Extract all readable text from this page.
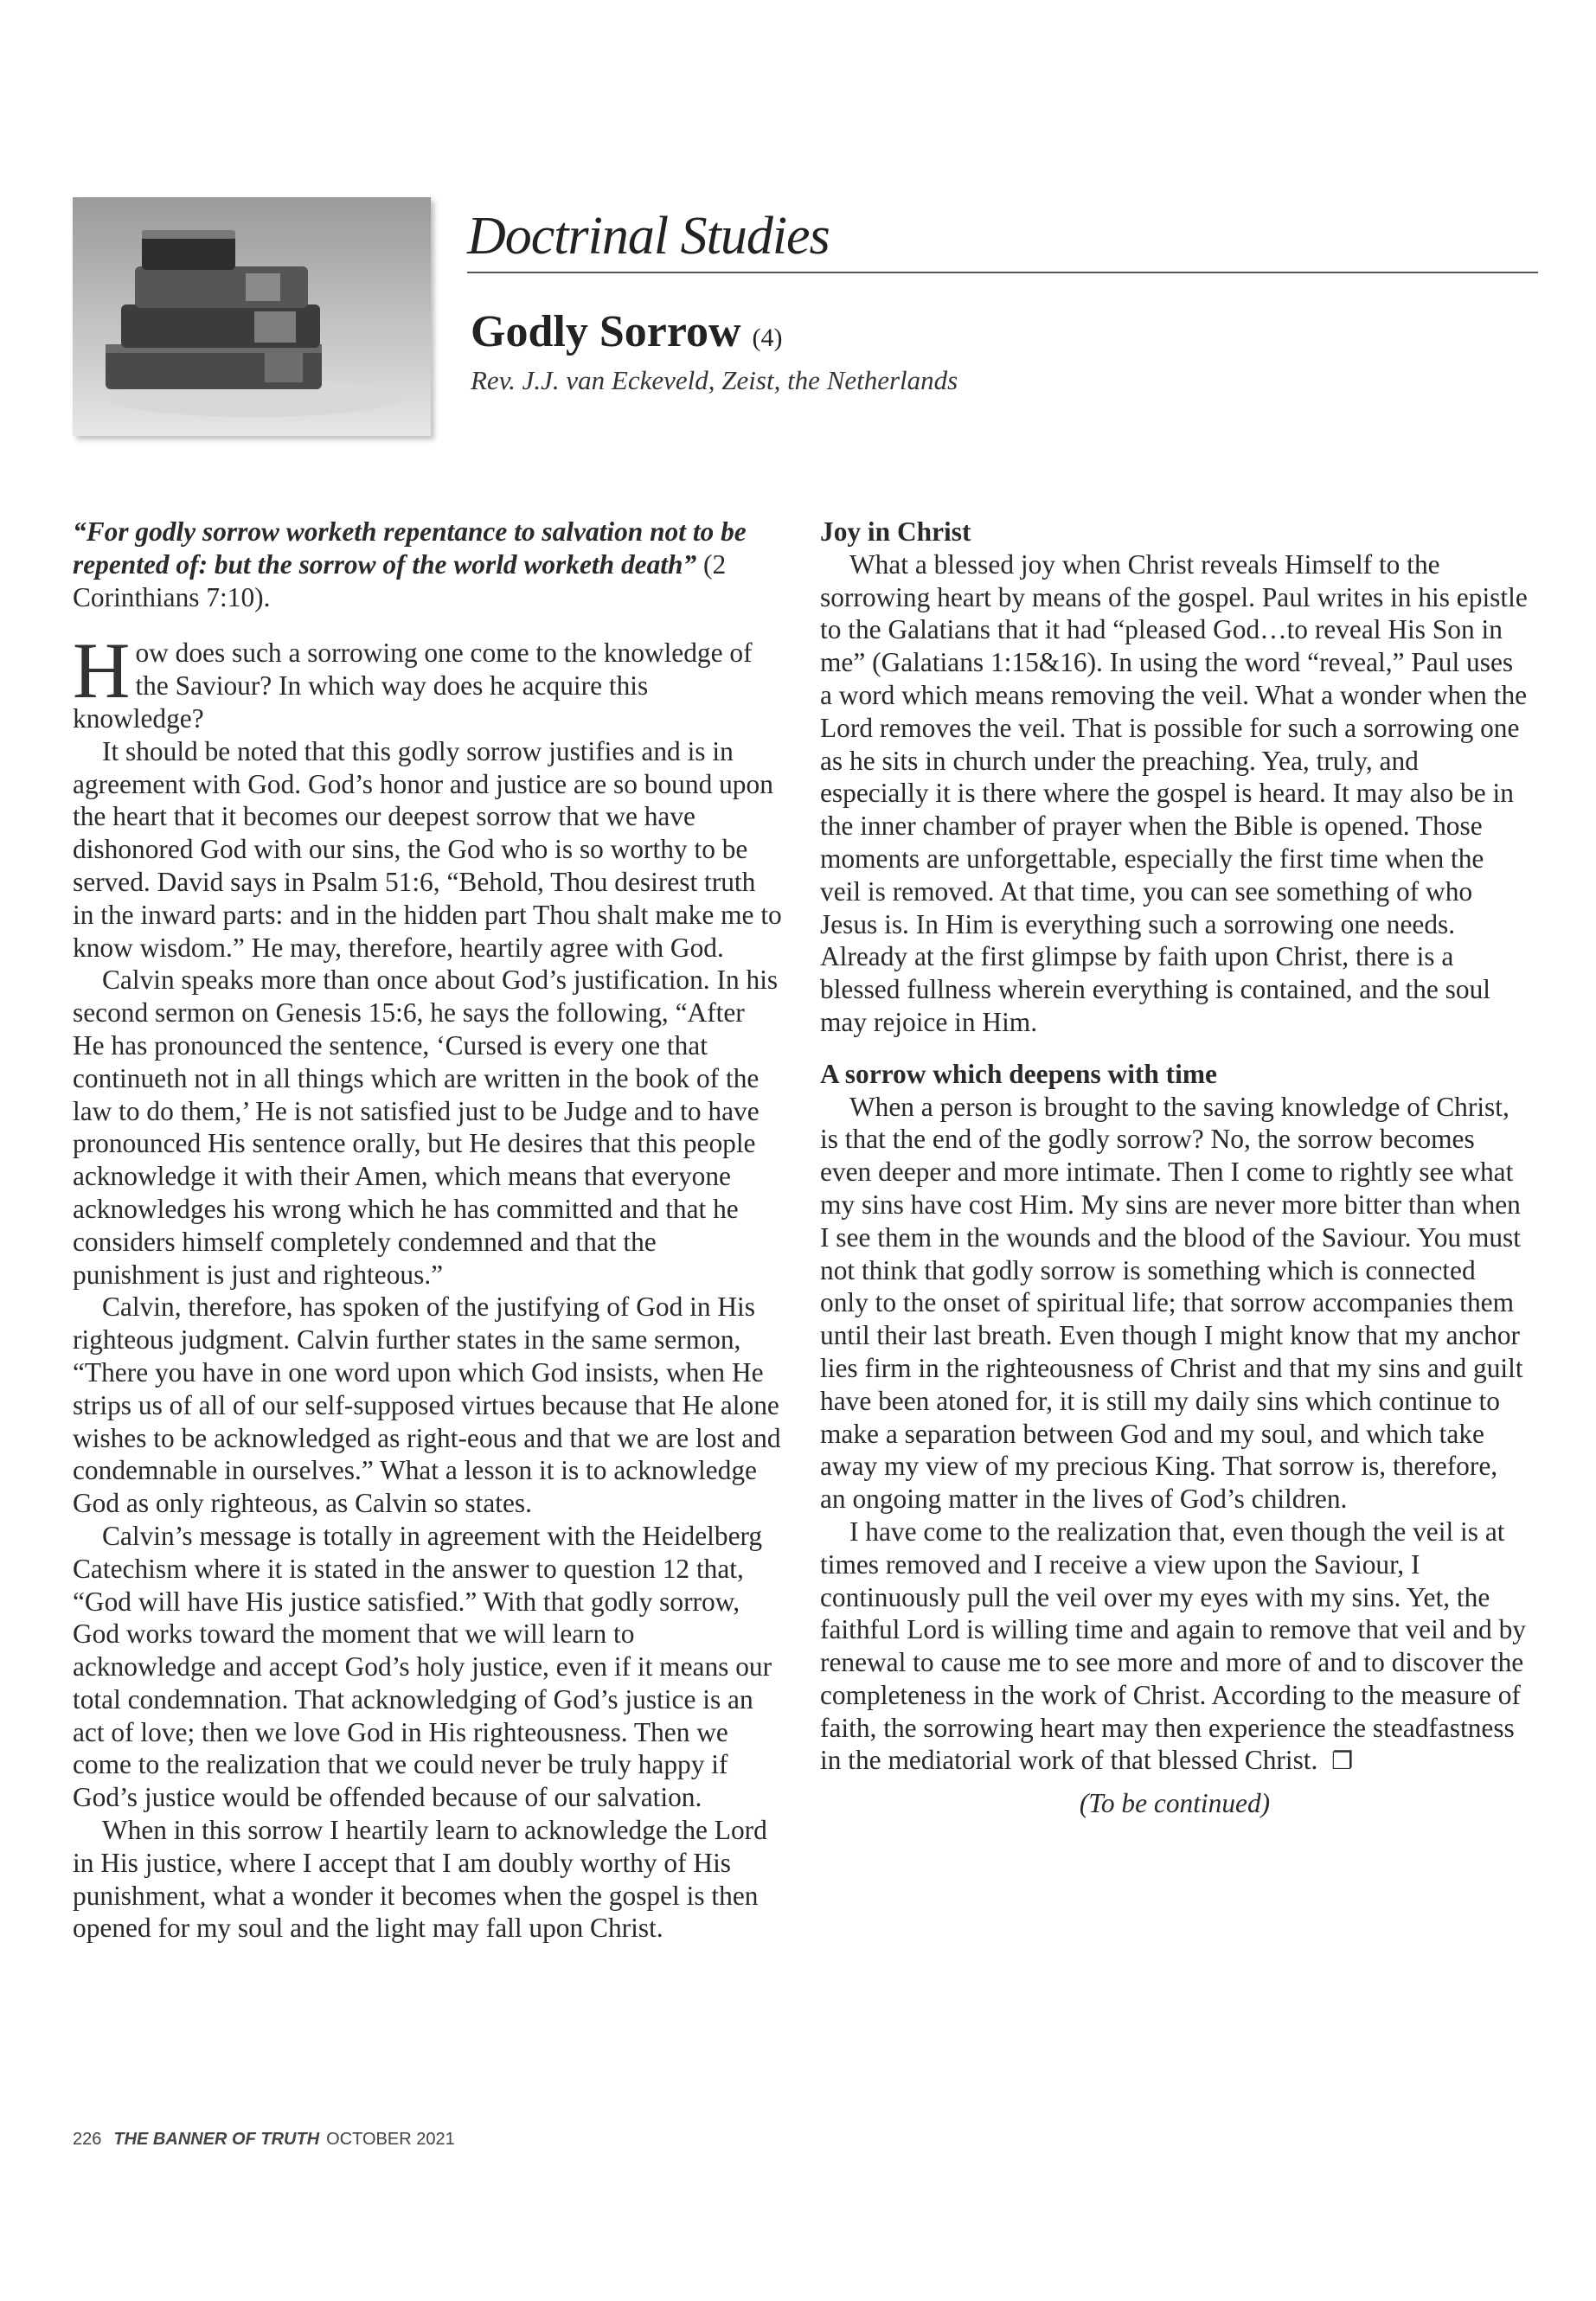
Doctrinal Studies
Godly Sorrow (4)
Rev. J.J. van Eckeveld, Zeist, the Netherlands

“For godly sorrow worketh repentance to salvation not to be repented of: but the sorrow of the world worketh death” (2 Corinthians 7:10).

How does such a sorrowing one come to the knowledge of the Saviour? In which way does he acquire this knowledge?

It should be noted that this godly sorrow justifies and is in agreement with God. God’s honor and justice are so bound upon the heart that it becomes our deepest sorrow that we have dishonored God with our sins, the God who is so worthy to be served. David says in Psalm 51:6, “Behold, Thou desirest truth in the inward parts: and in the hidden part Thou shalt make me to know wisdom.” He may, therefore, heartily agree with God.

Calvin speaks more than once about God’s justification. In his second sermon on Genesis 15:6, he says the following, “After He has pronounced the sentence, ‘Cursed is every one that continueth not in all things which are written in the book of the law to do them,’ He is not satisfied just to be Judge and to have pronounced His sentence orally, but He desires that this people acknowledge it with their Amen, which means that everyone acknowledges his wrong which he has committed and that he considers himself completely condemned and that the punishment is just and righteous.”

Calvin, therefore, has spoken of the justifying of God in His righteous judgment. Calvin further states in the same sermon, “There you have in one word upon which God insists, when He strips us of all of our self-supposed virtues because that He alone wishes to be acknowledged as right-eous and that we are lost and condemnable in ourselves.” What a lesson it is to acknowledge God as only righteous, as Calvin so states.

Calvin’s message is totally in agreement with the Heidelberg Catechism where it is stated in the answer to question 12 that, “God will have His justice satisfied.” With that godly sorrow, God works toward the moment that we will learn to acknowledge and accept God’s holy justice, even if it means our total condemnation. That acknowledging of God’s justice is an act of love; then we love God in His righteousness. Then we come to the realization that we could never be truly happy if God’s justice would be offended because of our salvation.

When in this sorrow I heartily learn to acknowledge the Lord in His justice, where I accept that I am doubly worthy of His punishment, what a wonder it becomes when the gospel is then opened for my soul and the light may fall upon Christ.

Joy in Christ

What a blessed joy when Christ reveals Himself to the sorrowing heart by means of the gospel. Paul writes in his epistle to the Galatians that it had “pleased God…to reveal His Son in me” (Galatians 1:15&16). In using the word “reveal,” Paul uses a word which means removing the veil. What a wonder when the Lord removes the veil. That is possible for such a sorrowing one as he sits in church under the preaching. Yea, truly, and especially it is there where the gospel is heard. It may also be in the inner chamber of prayer when the Bible is opened. Those moments are unforgettable, especially the first time when the veil is removed. At that time, you can see something of who Jesus is. In Him is everything such a sorrowing one needs. Already at the first glimpse by faith upon Christ, there is a blessed fullness wherein everything is contained, and the soul may rejoice in Him.

A sorrow which deepens with time

When a person is brought to the saving knowledge of Christ, is that the end of the godly sorrow? No, the sorrow becomes even deeper and more intimate. Then I come to rightly see what my sins have cost Him. My sins are never more bitter than when I see them in the wounds and the blood of the Saviour. You must not think that godly sorrow is something which is connected only to the onset of spiritual life; that sorrow accompanies them until their last breath. Even though I might know that my anchor lies firm in the righteousness of Christ and that my sins and guilt have been atoned for, it is still my daily sins which continue to make a separation between God and my soul, and which take away my view of my precious King. That sorrow is, therefore, an ongoing matter in the lives of God’s children.

I have come to the realization that, even though the veil is at times removed and I receive a view upon the Saviour, I continuously pull the veil over my eyes with my sins. Yet, the faithful Lord is willing time and again to remove that veil and by renewal to cause me to see more and more of and to discover the completeness in the work of Christ. According to the measure of faith, the sorrowing heart may then experience the steadfastness in the mediatorial work of that blessed Christ. ❐

(To be continued)

226 THE BANNER OF TRUTH OCTOBER 2021
